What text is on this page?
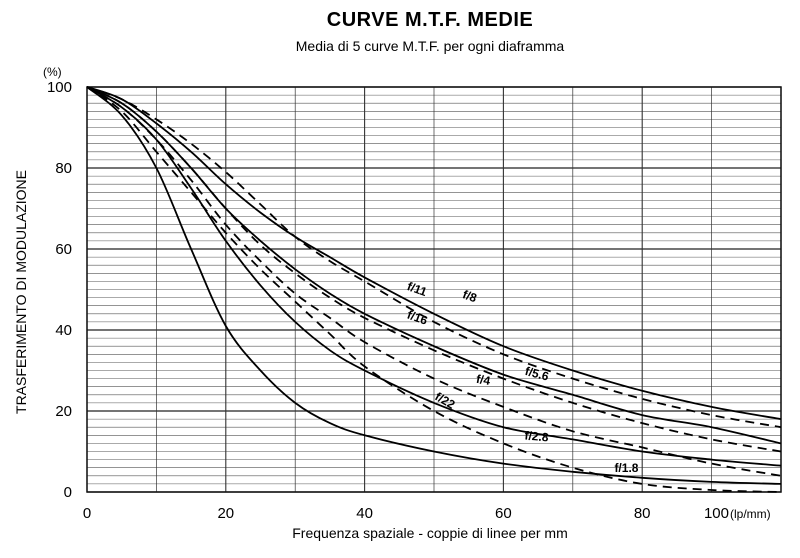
CURVE M.T.F. MEDIE
Media di 5 curve M.T.F. per ogni diaframma
0
20
40
60
80
100
0	20	40	60	80	100
f/11	f/8
f/16
f/5.6
f/4
f/22
f/2.8
f/1.8
(%)
(lp/mm)
Frequenza spaziale - coppie di linee per mm
TRASFERIMENTO DI MODULAZIONE
